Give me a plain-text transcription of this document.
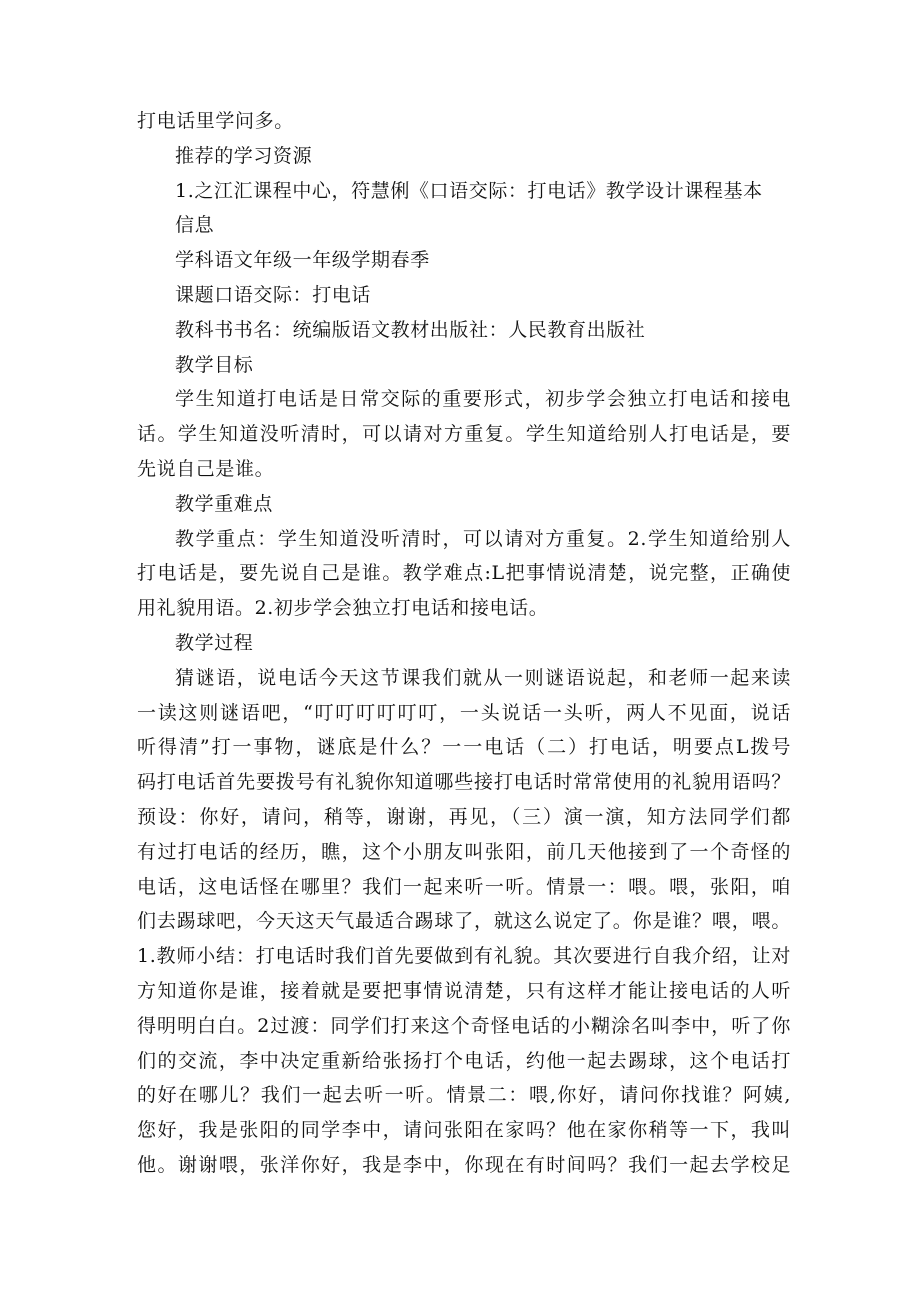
打电话里学问多。
推荐的学习资源
1.之江汇课程中心，符慧俐《口语交际：打电话》教学设计课程基本
信息
学科语文年级一年级学期春季
课题口语交际：打电话
教科书书名：统编版语文教材出版社：人民教育出版社
教学目标
学生知道打电话是日常交际的重要形式，初步学会独立打电话和接电
话。学生知道没听清时，可以请对方重复。学生知道给别人打电话是，要
先说自己是谁。
教学重难点
教学重点：学生知道没听清时，可以请对方重复。2.学生知道给别人
打电话是，要先说自己是谁。教学难点:L把事情说清楚，说完整，正确使
用礼貌用语。2.初步学会独立打电话和接电话。
教学过程
猜谜语，说电话今天这节课我们就从一则谜语说起，和老师一起来读
一读这则谜语吧，“叮叮叮叮叮叮，一头说话一头听，两人不见面，说话
听得清”打一事物，谜底是什么？一一电话（二）打电话，明要点L拨号
码打电话首先要拨号有礼貌你知道哪些接打电话时常常使用的礼貌用语吗？
预设：你好，请问，稍等，谢谢，再见，（三）演一演，知方法同学们都
有过打电话的经历，瞧，这个小朋友叫张阳，前几天他接到了一个奇怪的
电话，这电话怪在哪里？我们一起来听一听。情景一：喂。喂，张阳，咱
们去踢球吧，今天这天气最适合踢球了，就这么说定了。你是谁？喂，喂。
1.教师小结：打电话时我们首先要做到有礼貌。其次要进行自我介绍，让对
方知道你是谁，接着就是要把事情说清楚，只有这样才能让接电话的人听
得明明白白。2过渡：同学们打来这个奇怪电话的小糊涂名叫李中，听了你
们的交流，李中决定重新给张扬打个电话，约他一起去踢球，这个电话打
的好在哪儿？我们一起去听一听。情景二：喂,你好，请问你找谁？阿姨,
您好，我是张阳的同学李中，请问张阳在家吗？他在家你稍等一下，我叫
他。谢谢喂，张洋你好，我是李中，你现在有时间吗？我们一起去学校足
